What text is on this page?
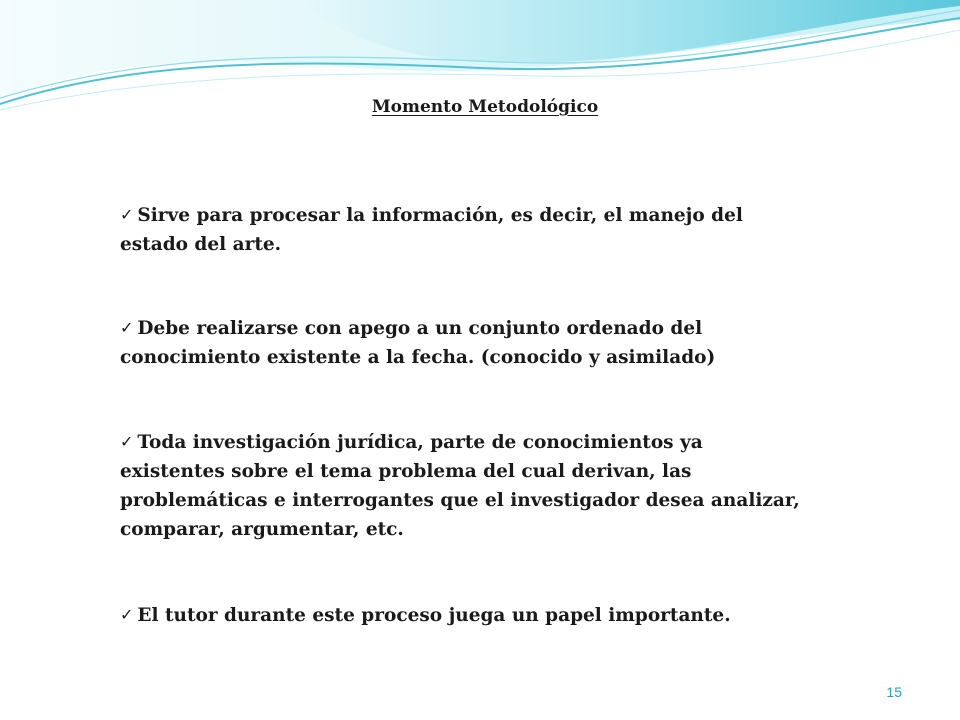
Momento Metodológico
✓ Sirve para procesar la información, es decir, el manejo del estado del arte.
✓ Debe realizarse con apego a un conjunto ordenado del conocimiento existente a la fecha. (conocido y asimilado)
✓ Toda investigación jurídica, parte de conocimientos ya existentes sobre el tema problema del cual derivan, las problemáticas e interrogantes que el investigador desea analizar, comparar, argumentar, etc.
✓ El tutor durante este proceso juega un papel importante.
15
